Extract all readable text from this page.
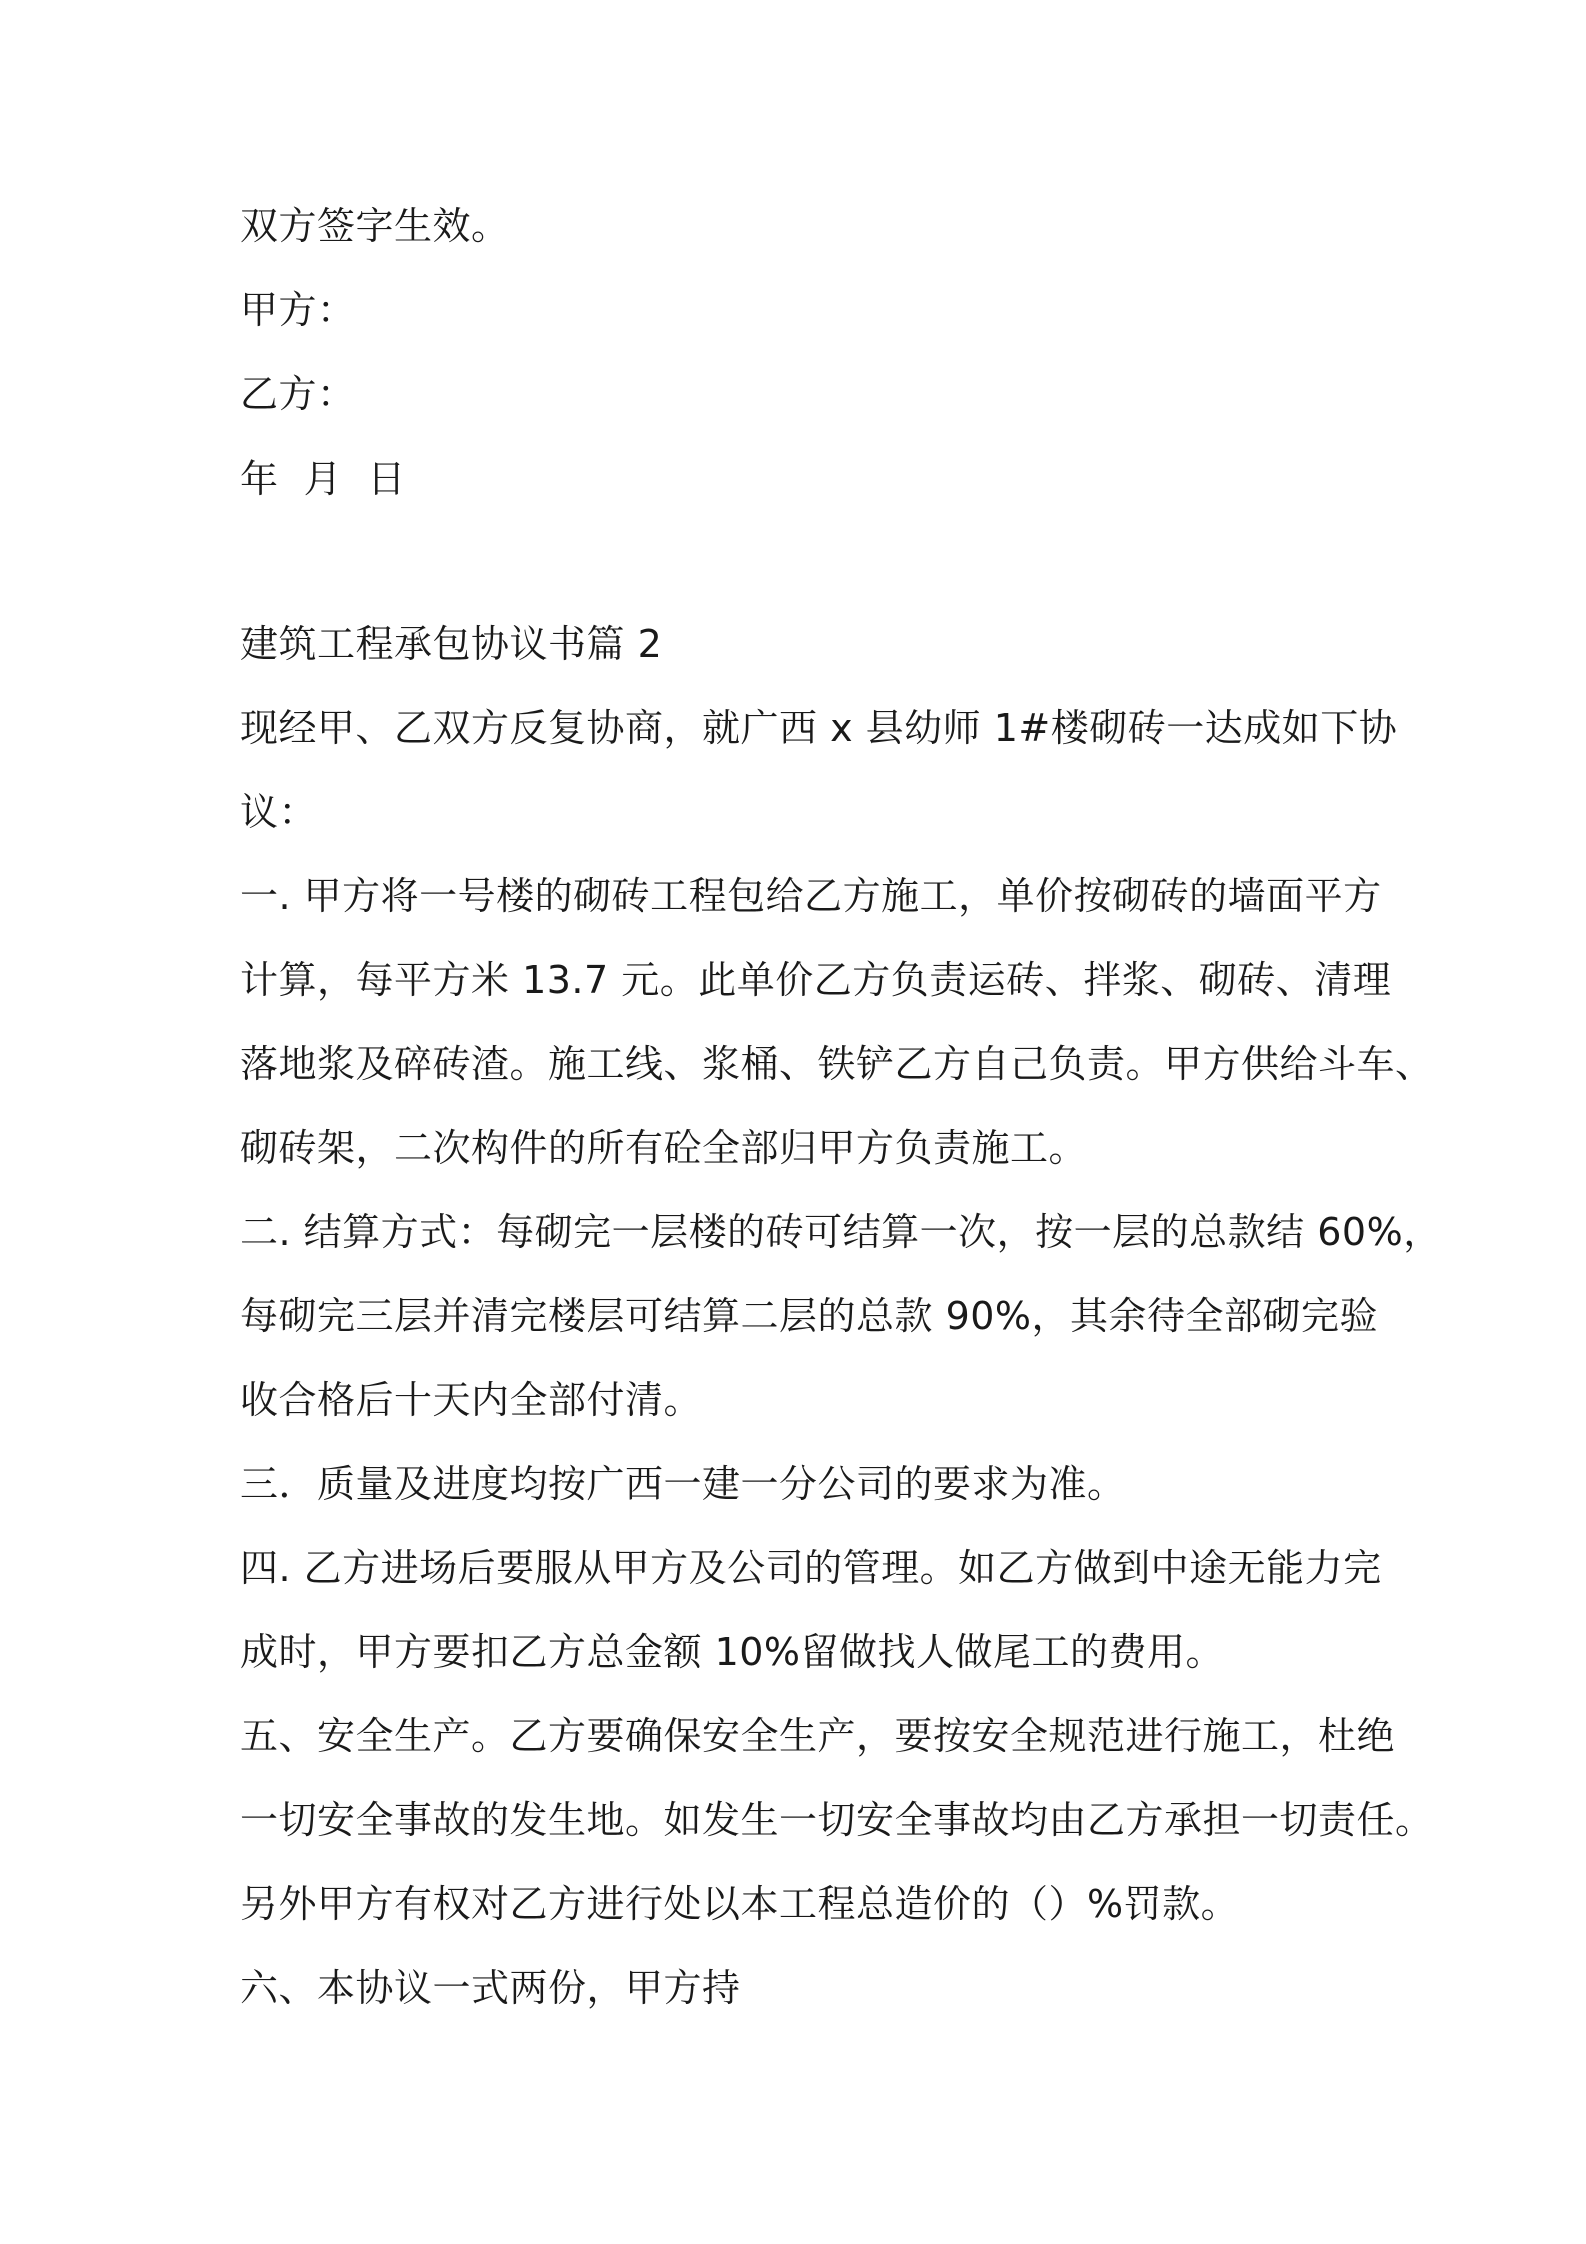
双方签字生效。
甲方：
乙方：
年  月  日
建筑工程承包协议书篇 2
现经甲、乙双方反复协商，就广西 x 县幼师 1#楼砌砖一达成如下协
议：
一. 甲方将一号楼的砌砖工程包给乙方施工，单价按砌砖的墙面平方
计算，每平方米 13.7 元。此单价乙方负责运砖、拌浆、砌砖、清理
落地浆及碎砖渣。施工线、浆桶、铁铲乙方自己负责。甲方供给斗车、
砌砖架，二次构件的所有砼全部归甲方负责施工。
二. 结算方式：每砌完一层楼的砖可结算一次，按一层的总款结 60%，
每砌完三层并清完楼层可结算二层的总款 90%，其余待全部砌完验
收合格后十天内全部付清。
三．质量及进度均按广西一建一分公司的要求为准。
四. 乙方进场后要服从甲方及公司的管理。如乙方做到中途无能力完
成时，甲方要扣乙方总金额 10%留做找人做尾工的费用。
五、安全生产。乙方要确保安全生产，要按安全规范进行施工，杜绝
一切安全事故的发生地。如发生一切安全事故均由乙方承担一切责任。
另外甲方有权对乙方进行处以本工程总造价的（）%罚款。
六、本协议一式两份，甲方持
